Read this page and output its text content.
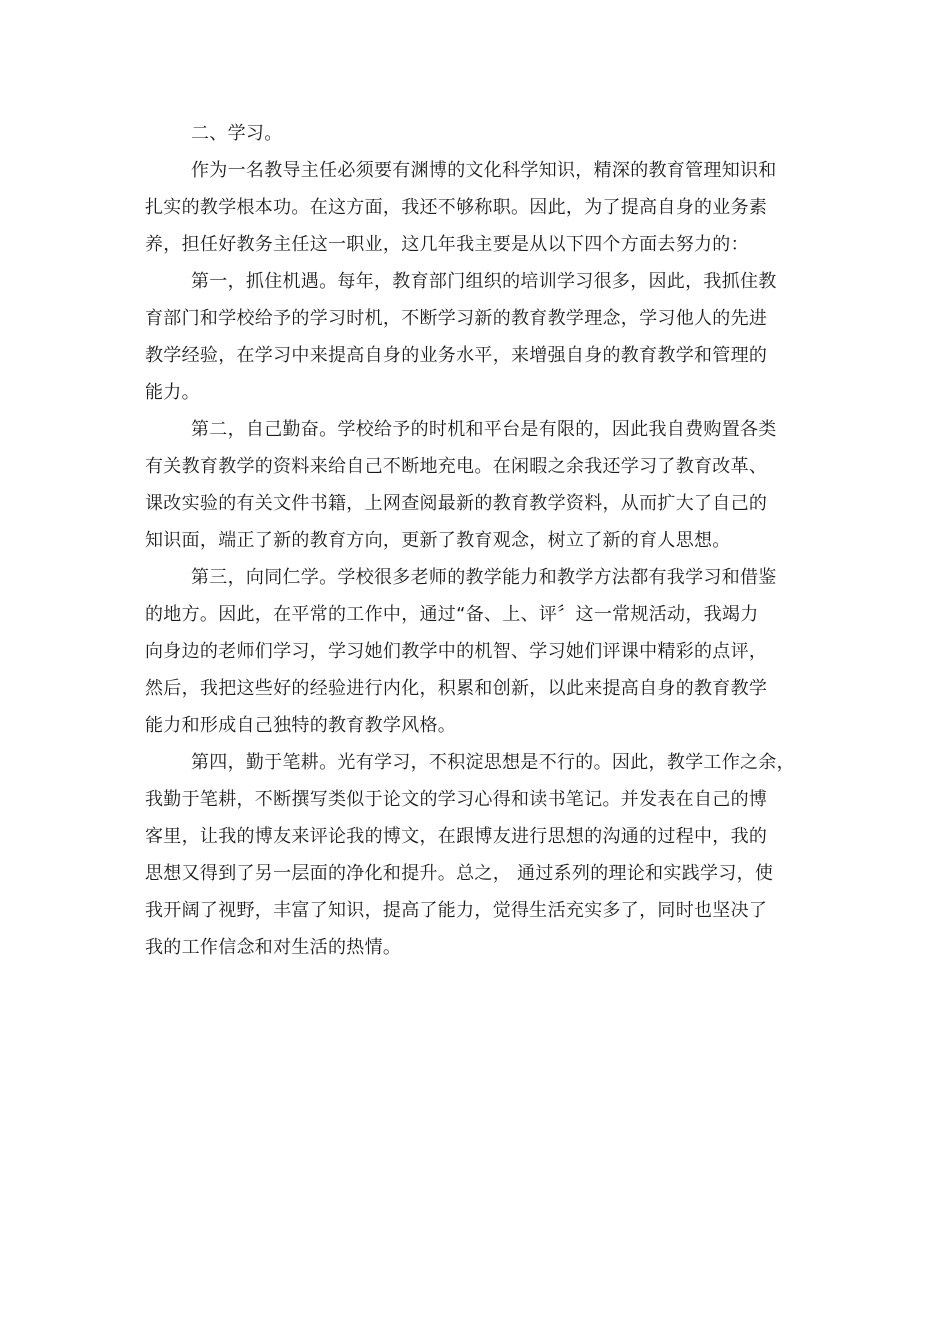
二、学习。
作为一名教导主任必须要有渊博的文化科学知识，精深的教育管理知识和
扎实的教学根本功。在这方面，我还不够称职。因此，为了提高自身的业务素
养，担任好教务主任这一职业，这几年我主要是从以下四个方面去努力的：
第一，抓住机遇。每年，教育部门组织的培训学习很多，因此，我抓住教
育部门和学校给予的学习时机，不断学习新的教育教学理念，学习他人的先进
教学经验，在学习中来提高自身的业务水平，来增强自身的教育教学和管理的
能力。
第二，自己勤奋。学校给予的时机和平台是有限的，因此我自费购置各类
有关教育教学的资料来给自己不断地充电。在闲暇之余我还学习了教育改革、
课改实验的有关文件书籍，上网查阅最新的教育教学资料，从而扩大了自己的
知识面，端正了新的教育方向，更新了教育观念，树立了新的育人思想。
第三，向同仁学。学校很多老师的教学能力和教学方法都有我学习和借鉴
的地方。因此，在平常的工作中，通过“备、上、评〞这一常规活动，我竭力
向身边的老师们学习，学习她们教学中的机智、学习她们评课中精彩的点评，
然后，我把这些好的经验进行内化，积累和创新，以此来提高自身的教育教学
能力和形成自己独特的教育教学风格。
第四，勤于笔耕。光有学习，不积淀思想是不行的。因此，教学工作之余，
我勤于笔耕，不断撰写类似于论文的学习心得和读书笔记。并发表在自己的博
客里，让我的博友来评论我的博文，在跟博友进行思想的沟通的过程中，我的
思想又得到了另一层面的净化和提升。总之， 通过系列的理论和实践学习，使
我开阔了视野，丰富了知识，提高了能力，觉得生活充实多了，同时也坚决了
我的工作信念和对生活的热情。
